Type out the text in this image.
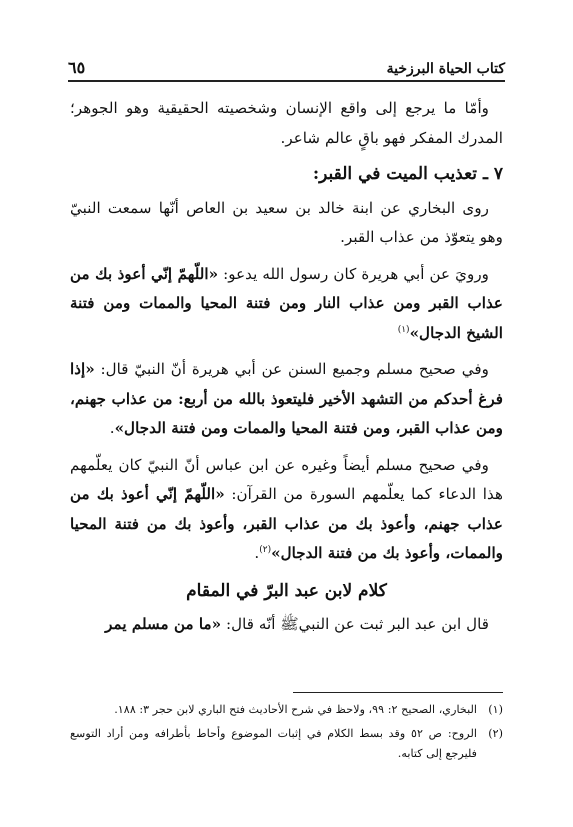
كتاب الحياة البرزخية
٦٥

وأمّا ما يرجع إلى واقع الإنسان وشخصيته الحقيقية وهو الجوهر؛ المدرك المفكر فهو باقٍ عالم شاعر.

٧ ـ تعذيب الميت في القبر:

روى البخاري عن ابنة خالد بن سعيد بن العاص أنّها سمعت النبيّ وهو يتعوّذ من عذاب القبر.

ورويَ عن أبي هريرة كان رسول الله يدعو: «اللّهمّ إنّي أعوذ بك من عذاب القبر ومن عذاب النار ومن فتنة المحيا والممات ومن فتنة الشيخ الدجال»$^{(١)}$

وفي صحيح مسلم وجميع السنن عن أبي هريرة أنّ النبيّ قال: «إذا فرغ أحدكم من التشهد الأخير فليتعوذ بالله من أربع: من عذاب جهنم، ومن عذاب القبر، ومن فتنة المحيا والممات ومن فتنة الدجال».

وفي صحيح مسلم أيضاً وغيره عن ابن عباس أنّ النبيّ كان يعلّمهم هذا الدعاء كما يعلّمهم السورة من القرآن: «اللّهمّ إنّي أعوذ بك من عذاب جهنم، وأعوذ بك من عذاب القبر، وأعوذ بك من فتنة المحيا والممات، وأعوذ بك من فتنة الدجال»$^{(٢)}$.

كلام لابن عبد البرّ في المقام

قال ابن عبد البر ثبت عن النبيﷺ أنّه قال: «ما من مسلم يمر

(١)
البخاري، الصحيح ٢: ٩٩، ولاحظ في شرح الأحاديث فتح الباري لابن حجر ٣: ١٨٨.
(٢)
الروح: ص ٥٢ وقد بسط الكلام في إثبات الموضوع وأحاط بأطرافه ومن أراد التوسع فليرجع إلى كتابه.
